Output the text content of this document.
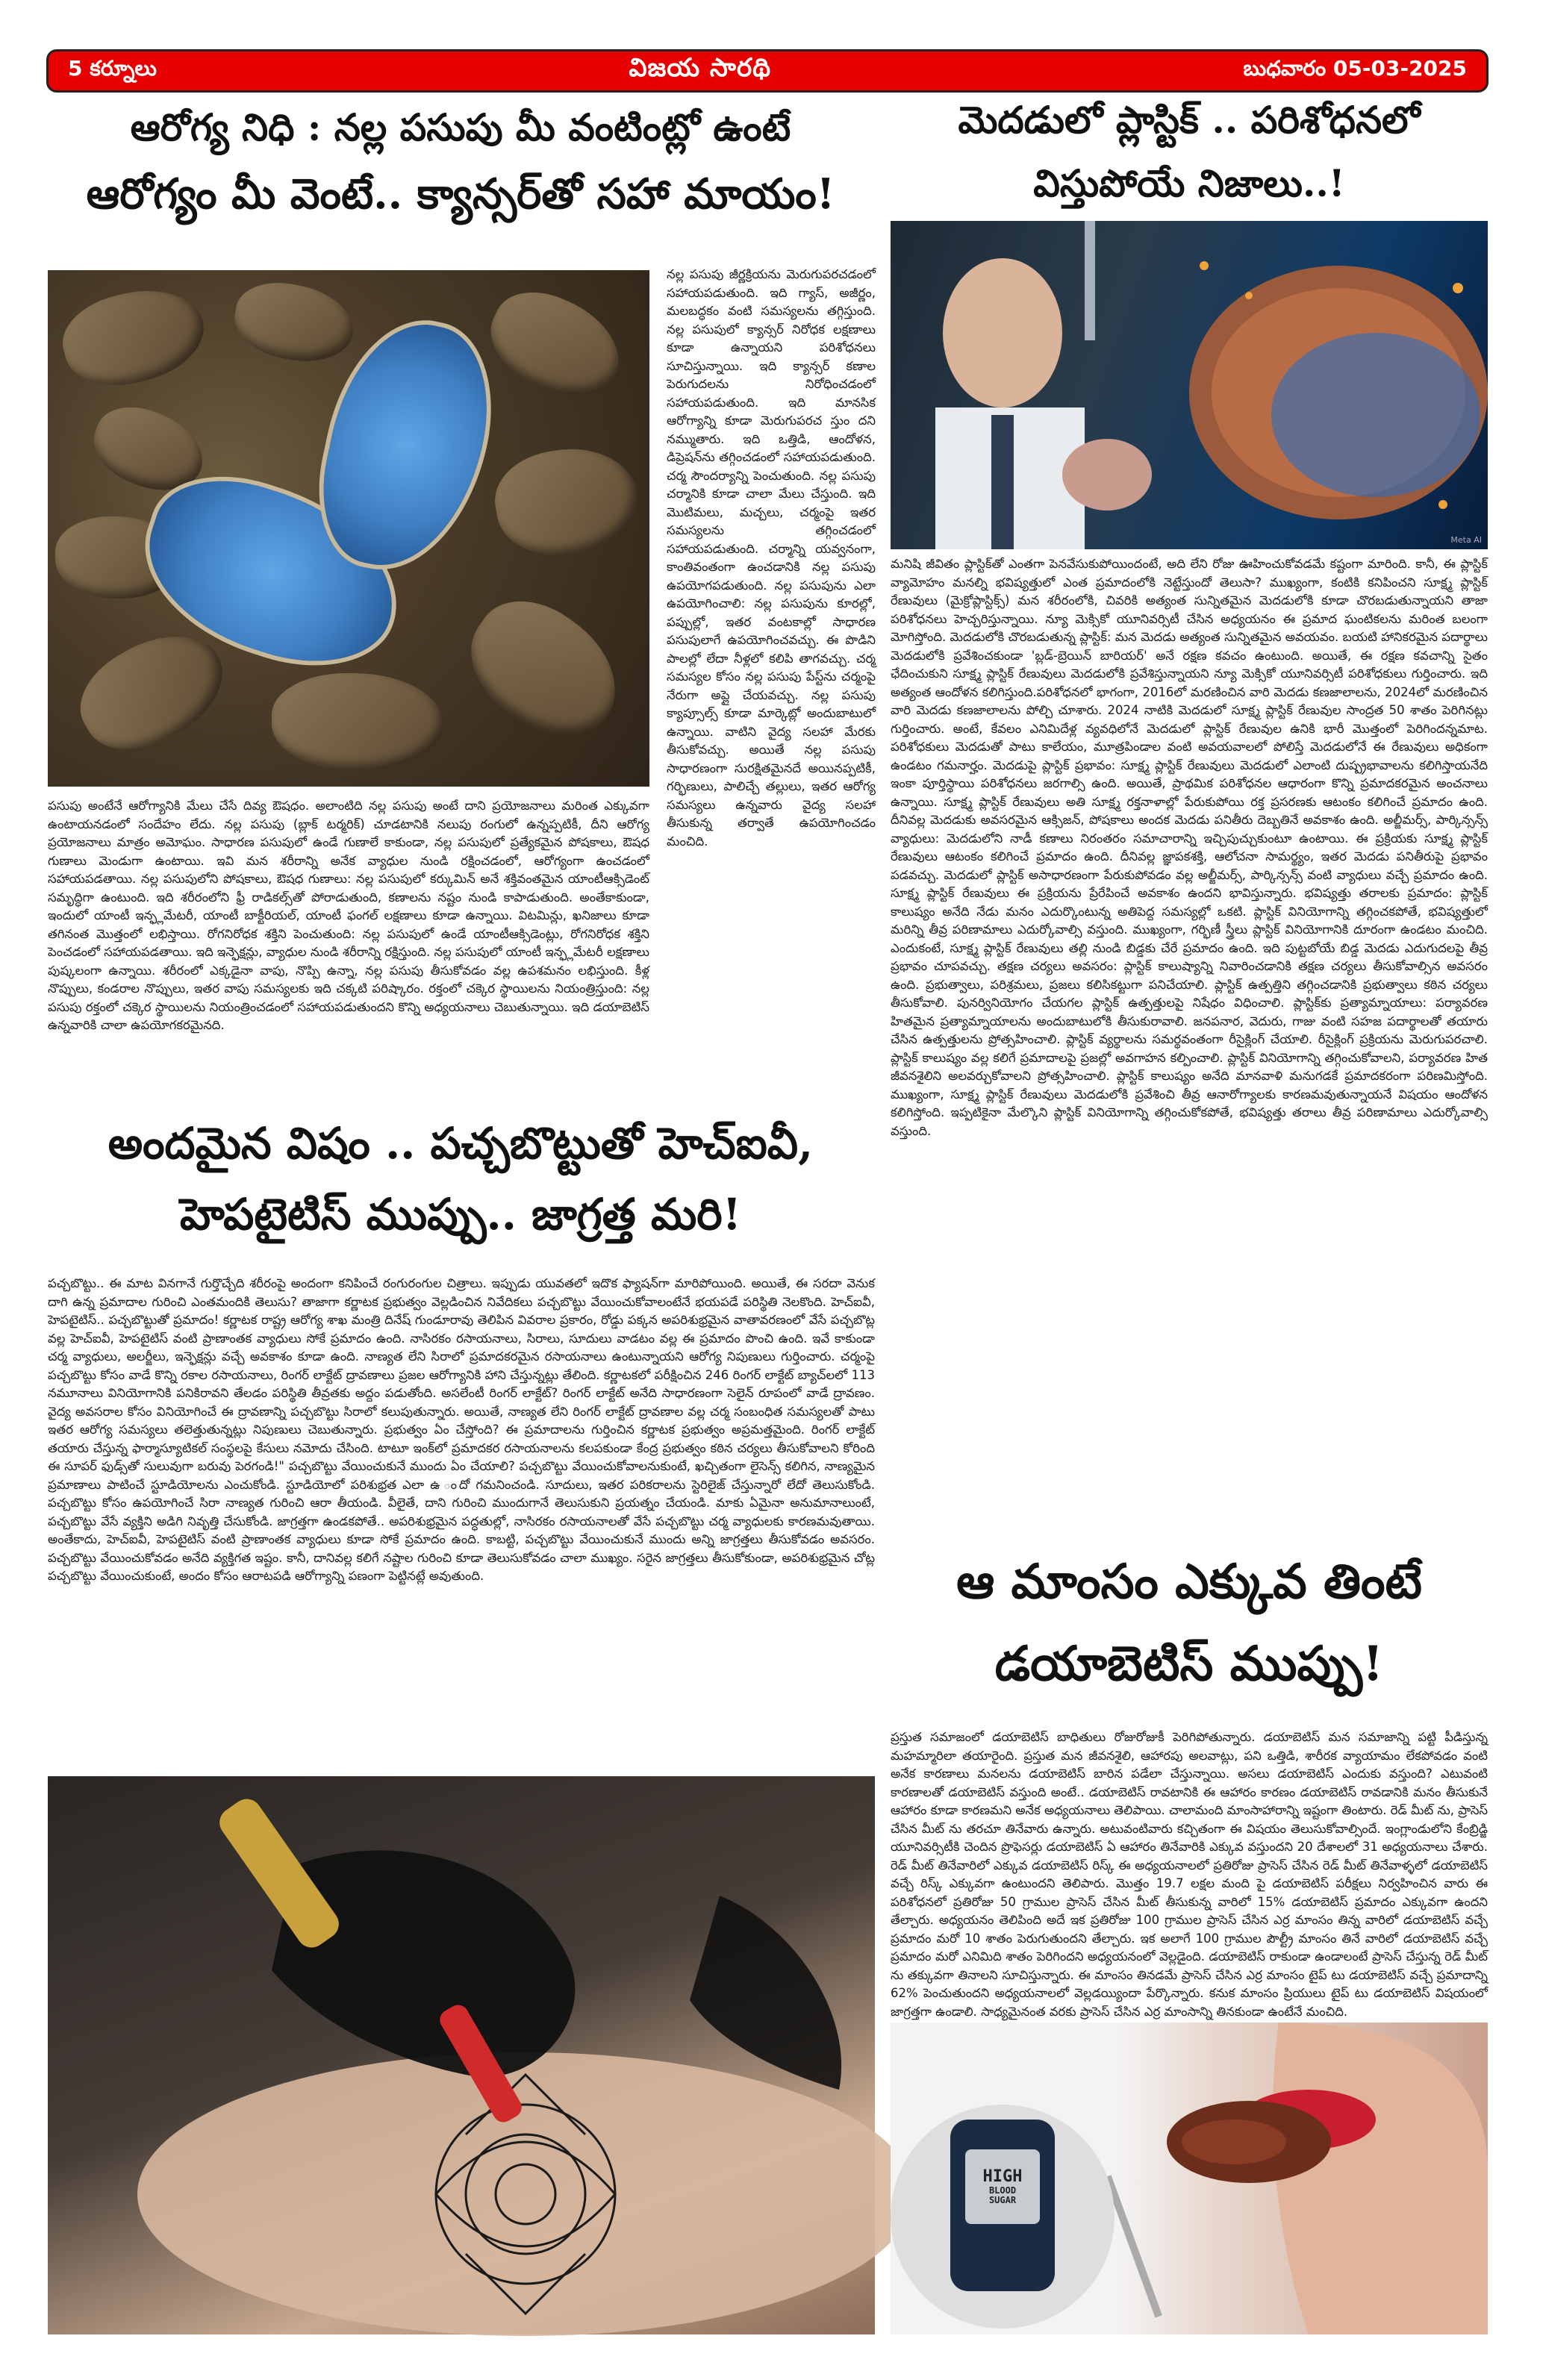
5 కర్నూలు	విజయ సారథి	బుధవారం 05-03-2025
ఆరోగ్య నిధి : నల్ల పసుపు మీ వంటింట్లో ఉంటే
ఆరోగ్యం మీ వెంటే.. క్యాన్సర్‌తో సహా మాయం!

నల్ల పసుపు జీర్ణక్రియను మెరుగుపరచడంలో సహాయపడుతుంది. ఇది గ్యాస్, అజీర్ణం, మలబద్ధకం వంటి సమస్యలను తగ్గిస్తుంది. నల్ల పసుపులో క్యాన్సర్ నిరోధక లక్షణాలు కూడా ఉన్నాయని పరిశోధనలు సూచిస్తున్నాయి. ఇది క్యాన్సర్ కణాల పెరుగుదలను నిరోధించడంలో సహాయపడుతుంది. ఇది మానసిక ఆరోగ్యాన్ని కూడా మెరుగుపరచ స్తుం దని నమ్ముతారు. ఇది ఒత్తిడి, ఆందోళన, డిప్రెషన్‌ను తగ్గించడంలో సహాయపడుతుంది. చర్మ సౌందర్యాన్ని పెంచుతుంది. నల్ల పసుపు చర్మానికి కూడా చాలా మేలు చేస్తుంది. ఇది మొటిమలు, మచ్చలు, చర్మంపై ఇతర సమస్యలను తగ్గించడంలో సహాయపడుతుంది. చర్మాన్ని యవ్వనంగా, కాంతివంతంగా ఉంచడానికి నల్ల పసుపు ఉపయోగపడుతుంది. నల్ల పసుపును ఎలా ఉపయోగించాలి: నల్ల పసుపును కూరల్లో, పప్పుల్లో, ఇతర వంటకాల్లో సాధారణ పసుపులాగే ఉపయోగించవచ్చు. ఈ పొడిని పాలల్లో లేదా నీళ్లలో కలిపి తాగవచ్చు. చర్మ సమస్యల కోసం నల్ల పసుపు పేస్ట్‌ను చర్మంపై నేరుగా అప్లై చేయవచ్చు. నల్ల పసుపు క్యాప్సూల్స్ కూడా మార్కెట్లో అందుబాటులో ఉన్నాయి. వాటిని వైద్య సలహా మేరకు తీసుకోవచ్చు. అయితే నల్ల పసుపు సాధారణంగా సురక్షితమైనదే అయినప్పటికీ, గర్భిణులు, పాలిచ్చే తల్లులు, ఇతర ఆరోగ్య సమస్యలు ఉన్నవారు వైద్య సలహా తీసుకున్న తర్వాతే ఉపయోగించడం మంచిది.

పసుపు అంటేనే ఆరోగ్యానికి మేలు చేసే దివ్య ఔషధం. అలాంటిది నల్ల పసుపు అంటే దాని ప్రయోజనాలు మరింత ఎక్కువగా ఉంటాయనడంలో సందేహం లేదు. నల్ల పసుపు (బ్లాక్ టర్మరిక్) చూడటానికి నలుపు రంగులో ఉన్నప్పటికీ, దీని ఆరోగ్య ప్రయోజనాలు మాత్రం అమోఘం. సాధారణ పసుపులో ఉండే గుణాలే కాకుండా, నల్ల పసుపులో ప్రత్యేకమైన పోషకాలు, ఔషధ గుణాలు మెండుగా ఉంటాయి. ఇవి మన శరీరాన్ని అనేక వ్యాధుల నుండి రక్షించడంలో, ఆరోగ్యంగా ఉంచడంలో సహాయపడతాయి. నల్ల పసుపులోని పోషకాలు, ఔషధ గుణాలు: నల్ల పసుపులో కర్కుమిన్ అనే శక్తివంతమైన యాంటీఆక్సిడెంట్ సమృద్ధిగా ఉంటుంది. ఇది శరీరంలోని ఫ్రీ రాడికల్స్‌తో పోరాడుతుంది, కణాలను నష్టం నుండి కాపాడుతుంది. అంతేకాకుండా, ఇందులో యాంటీ ఇన్ఫ్లమేటరీ, యాంటీ బాక్టీరియల్, యాంటీ ఫంగల్ లక్షణాలు కూడా ఉన్నాయి. విటమిన్లు, ఖనిజాలు కూడా తగినంత మొత్తంలో లభిస్తాయి. రోగనిరోధక శక్తిని పెంచుతుంది: నల్ల పసుపులో ఉండే యాంటీఆక్సిడెంట్లు, రోగనిరోధక శక్తిని పెంచడంలో సహాయపడతాయి. ఇది ఇన్ఫెక్షన్లు, వ్యాధుల నుండి శరీరాన్ని రక్షిస్తుంది. నల్ల పసుపులో యాంటీ ఇన్ఫ్లమేటరీ లక్షణాలు పుష్కలంగా ఉన్నాయి. శరీరంలో ఎక్కడైనా వాపు, నొప్పి ఉన్నా, నల్ల పసుపు తీసుకోవడం వల్ల ఉపశమనం లభిస్తుంది. కీళ్ల నొప్పులు, కండరాల నొప్పులు, ఇతర వాపు సమస్యలకు ఇది చక్కటి పరిష్కారం. రక్తంలో చక్కెర స్థాయిలను నియంత్రిస్తుంది: నల్ల పసుపు రక్తంలో చక్కెర స్థాయిలను నియంత్రించడంలో సహాయపడుతుందని కొన్ని అధ్యయనాలు చెబుతున్నాయి. ఇది డయాబెటిస్ ఉన్నవారికి చాలా ఉపయోగకరమైనది.

అందమైన విషం .. పచ్చబొట్టుతో హెచ్ఐవీ,
హెపటైటిస్ ముప్పు.. జాగ్రత్త మరి!

పచ్చబొట్టు.. ఈ మాట వినగానే గుర్తొచ్చేది శరీరంపై అందంగా కనిపించే రంగురంగుల చిత్రాలు. ఇప్పుడు యువతలో ఇదొక ఫ్యాషన్‌గా మారిపోయింది. అయితే, ఈ సరదా వెనుక దాగి ఉన్న ప్రమాదాల గురించి ఎంతమందికి తెలుసు? తాజాగా కర్ణాటక ప్రభుత్వం వెల్లడించిన నివేదికలు పచ్చబొట్టు వేయించుకోవాలంటేనే భయపడే పరిస్థితి నెలకొంది. హెచ్ఐవీ, హెపటైటిస్.. పచ్చబొట్టుతో ప్రమాదం! కర్ణాటక రాష్ట్ర ఆరోగ్య శాఖ మంత్రి దినేష్ గుండూరావు తెలిపిన వివరాల ప్రకారం, రోడ్డు పక్కన అపరిశుభ్రమైన వాతావరణంలో వేసే పచ్చబొట్ల వల్ల హెచ్ఐవీ, హెపటైటిస్ వంటి ప్రాణాంతక వ్యాధులు సోకే ప్రమాదం ఉంది. నాసిరకం రసాయనాలు, సిరాలు, సూదులు వాడటం వల్ల ఈ ప్రమాదం పొంచి ఉంది. ఇవే కాకుండా చర్మ వ్యాధులు, అలర్జీలు, ఇన్ఫెక్షన్లు వచ్చే అవకాశం కూడా ఉంది. నాణ్యత లేని సిరాలో ప్రమాదకరమైన రసాయనాలు ఉంటున్నాయని ఆరోగ్య నిపుణులు గుర్తించారు. చర్మంపై పచ్చబొట్టు కోసం వాడే కొన్ని రకాల రసాయనాలు, రింగర్ లాక్టేట్ ద్రావణాలు ప్రజల ఆరోగ్యానికి హాని చేస్తున్నట్లు తేలింది. కర్ణాటకలో పరీక్షించిన 246 రింగర్ లాక్టేట్ బ్యాచ్‌లలో 113 నమూనాలు వినియోగానికి పనికిరావని తేలడం పరిస్థితి తీవ్రతకు అద్దం పడుతోంది. అసలేంటీ రింగర్ లాక్టేట్? రింగర్ లాక్టేట్ అనేది సాధారణంగా సెలైన్ రూపంలో వాడే ద్రావణం. వైద్య అవసరాల కోసం వినియోగించే ఈ ద్రావణాన్ని పచ్చబొట్టు సిరాలో కలుపుతున్నారు. అయితే, నాణ్యత లేని రింగర్ లాక్టేట్ ద్రావణాల వల్ల చర్మ సంబంధిత సమస్యలతో పాటు ఇతర ఆరోగ్య సమస్యలు తలెత్తుతున్నట్లు నిపుణులు చెబుతున్నారు. ప్రభుత్వం ఏం చేస్తోంది? ఈ ప్రమాదాలను గుర్తించిన కర్ణాటక ప్రభుత్వం అప్రమత్తమైంది. రింగర్ లాక్టేట్ తయారు చేస్తున్న ఫార్మాస్యూటికల్ సంస్థలపై కేసులు నమోదు చేసింది. టాటూ ఇంక్‌లో ప్రమాదకర రసాయనాలను కలపకుండా కేంద్ర ప్రభుత్వం కఠిన చర్యలు తీసుకోవాలని కోరింది ఈ సూపర్ ఫుడ్స్‌తో సులువుగా బరువు పెరగండి!" పచ్చబొట్టు వేయించుకునే ముందు ఏం చేయాలి? పచ్చబొట్టు వేయించుకోవాలనుకుంటే, ఖచ్చితంగా లైసెన్స్ కలిగిన, నాణ్యమైన ప్రమాణాలు పాటించే స్టూడియోలను ఎంచుకోండి. స్టూడియోలో పరిశుభ్రత ఎలా ఉ ందో గమనించండి. సూదులు, ఇతర పరికరాలను స్టెరిలైజ్ చేస్తున్నారో లేదో తెలుసుకోండి. పచ్చబొట్టు కోసం ఉపయోగించే సిరా నాణ్యత గురించి ఆరా తీయండి. వీలైతే, దాని గురించి ముందుగానే తెలుసుకుని ప్రయత్నం చేయండి. మాకు ఏమైనా అనుమానాలుంటే, పచ్చబొట్టు వేసే వ్యక్తిని అడిగి నివృత్తి చేసుకోండి. జాగ్రత్తగా ఉండకపోతే.. అపరిశుభ్రమైన పద్ధతుల్లో, నాసిరకం రసాయనాలతో వేసే పచ్చబొట్టు చర్మ వ్యాధులకు కారణమవుతాయి. అంతేకాదు, హెచ్ఐవీ, హెపటైటిస్ వంటి ప్రాణాంతక వ్యాధులు కూడా సోకే ప్రమాదం ఉంది. కాబట్టి, పచ్చబొట్టు వేయించుకునే ముందు అన్ని జాగ్రత్తలు తీసుకోవడం అవసరం. పచ్చబొట్టు వేయించుకోవడం అనేది వ్యక్తిగత ఇష్టం. కానీ, దానివల్ల కలిగే నష్టాల గురించి కూడా తెలుసుకోవడం చాలా ముఖ్యం. సరైన జాగ్రత్తలు తీసుకోకుండా, అపరిశుభ్రమైన చోట్ల పచ్చబొట్టు వేయించుకుంటే, అందం కోసం ఆరాటపడి ఆరోగ్యాన్ని పణంగా పెట్టినట్లే అవుతుంది.

మెదడులో ప్లాస్టిక్ .. పరిశోధనలో
విస్తుపోయే నిజాలు..!
Meta AI

మనిషి జీవితం ప్లాస్టిక్‌తో ఎంతగా పెనవేసుకుపోయిందంటే, అది లేని రోజు ఊహించుకోవడమే కష్టంగా మారింది. కానీ, ఈ ప్లాస్టిక్ వ్యామోహం మనల్ని భవిష్యత్తులో ఎంత ప్రమాదంలోకి నెట్టేస్తుందో తెలుసా? ముఖ్యంగా, కంటికి కనిపించని సూక్ష్మ ప్లాస్టిక్ రేణువులు (మైక్రోప్లాస్టిక్స్) మన శరీరంలోకి, చివరికి అత్యంత సున్నితమైన మెదడులోకి కూడా చొరబడుతున్నాయని తాజా పరిశోధనలు హెచ్చరిస్తున్నాయి. న్యూ మెక్సికో యూనివర్సిటీ చేసిన అధ్యయనం ఈ ప్రమాద ఘంటికలను మరింత బలంగా మోగిస్తోంది. మెదడులోకి చొరబడుతున్న ప్లాస్టిక్: మన మెదడు అత్యంత సున్నితమైన అవయవం. బయటి హానికరమైన పదార్థాలు మెదడులోకి ప్రవేశించకుండా 'బ్లడ్-బ్రెయిన్ బారియర్' అనే రక్షణ కవచం ఉంటుంది. అయితే, ఈ రక్షణ కవచాన్ని సైతం ఛేదించుకుని సూక్ష్మ ప్లాస్టిక్ రేణువులు మెదడులోకి ప్రవేశిస్తున్నాయని న్యూ మెక్సికో యూనివర్సిటీ పరిశోధకులు గుర్తించారు. ఇది అత్యంత ఆందోళన కలిగిస్తుంది.పరిశోధనలో భాగంగా, 2016లో మరణించిన వారి మెదడు కణజాలాలను, 2024లో మరణించిన వారి మెదడు కణజాలాలను పోల్చి చూశారు. 2024 నాటికి మెదడులో సూక్ష్మ ప్లాస్టిక్ రేణువుల సాంద్రత 50 శాతం పెరిగినట్లు గుర్తించారు. అంటే, కేవలం ఎనిమిదేళ్ల వ్యవధిలోనే మెదడులో ప్లాస్టిక్ రేణువుల ఉనికి భారీ మొత్తంలో పెరిగిందన్నమాట. పరిశోధకులు మెదడుతో పాటు కాలేయం, మూత్రపిండాల వంటి అవయవాలలో పోలిస్తే మెదడులోనే ఈ రేణువులు అధికంగా ఉండటం గమనార్హం. మెదడుపై ప్లాస్టిక్ ప్రభావం: సూక్ష్మ ప్లాస్టిక్ రేణువులు మెదడులో ఎలాంటి దుష్ప్రభావాలను కలిగిస్తాయనేది ఇంకా పూర్తిస్థాయి పరిశోధనలు జరగాల్సి ఉంది. అయితే, ప్రాథమిక పరిశోధనల ఆధారంగా కొన్ని ప్రమాదకరమైన అంచనాలు ఉన్నాయి. సూక్ష్మ ప్లాస్టిక్ రేణువులు అతి సూక్ష్మ రక్తనాళాల్లో పేరుకుపోయి రక్త ప్రసరణకు ఆటంకం కలిగించే ప్రమాదం ఉంది. దీనివల్ల మెదడుకు అవసరమైన ఆక్సిజన్, పోషకాలు అందక మెదడు పనితీరు దెబ్బతినే అవకాశం ఉంది. అల్జీమర్స్, పార్కిన్సన్స్ వ్యాధులు: మెదడులోని నాడీ కణాలు నిరంతరం సమాచారాన్ని ఇచ్చిపుచ్చుకుంటూ ఉంటాయి. ఈ ప్రక్రియకు సూక్ష్మ ప్లాస్టిక్ రేణువులు ఆటంకం కలిగించే ప్రమాదం ఉంది. దీనివల్ల జ్ఞాపకశక్తి, ఆలోచనా సామర్థ్యం, ఇతర మెదడు పనితీరుపై ప్రభావం పడవచ్చు. మెదడులో ప్లాస్టిక్ అసాధారణంగా పేరుకుపోవడం వల్ల అల్జీమర్స్, పార్కిన్సన్స్ వంటి వ్యాధులు వచ్చే ప్రమాదం ఉంది. సూక్ష్మ ప్లాస్టిక్ రేణువులు ఈ ప్రక్రియను ప్రేరేపించే అవకాశం ఉందని భావిస్తున్నారు. భవిష్యత్తు తరాలకు ప్రమాదం: ప్లాస్టిక్ కాలుష్యం అనేది నేడు మనం ఎదుర్కొంటున్న అతిపెద్ద సమస్యల్లో ఒకటి. ప్లాస్టిక్ వినియోగాన్ని తగ్గించకపోతే, భవిష్యత్తులో మరిన్ని తీవ్ర పరిణామాలు ఎదుర్కోవాల్సి వస్తుంది. ముఖ్యంగా, గర్భిణీ స్త్రీలు ప్లాస్టిక్ వినియోగానికి దూరంగా ఉండటం మంచిది. ఎందుకంటే, సూక్ష్మ ప్లాస్టిక్ రేణువులు తల్లి నుండి బిడ్డకు చేరే ప్రమాదం ఉంది. ఇది పుట్టబోయే బిడ్డ మెదడు ఎదుగుదలపై తీవ్ర ప్రభావం చూపవచ్చు. తక్షణ చర్యలు అవసరం: ప్లాస్టిక్ కాలుష్యాన్ని నివారించడానికి తక్షణ చర్యలు తీసుకోవాల్సిన అవసరం ఉంది. ప్రభుత్వాలు, పరిశ్రమలు, ప్రజలు కలిసికట్టుగా పనిచేయాలి. ప్లాస్టిక్ ఉత్పత్తిని తగ్గించడానికి ప్రభుత్వాలు కఠిన చర్యలు తీసుకోవాలి. పునర్వినియోగం చేయగల ప్లాస్టిక్ ఉత్పత్తులపై నిషేధం విధించాలి. ప్లాస్టిక్‌కు ప్రత్యామ్నాయాలు: పర్యావరణ హితమైన ప్రత్యామ్నాయాలను అందుబాటులోకి తీసుకురావాలి. జనపనార, వెదురు, గాజు వంటి సహజ పదార్థాలతో తయారు చేసిన ఉత్పత్తులను ప్రోత్సహించాలి. ప్లాస్టిక్ వ్యర్థాలను సమర్థవంతంగా రీసైక్లింగ్ చేయాలి. రీసైక్లింగ్ ప్రక్రియను మెరుగుపరచాలి. ప్లాస్టిక్ కాలుష్యం వల్ల కలిగే ప్రమాదాలపై ప్రజల్లో అవగాహన కల్పించాలి. ప్లాస్టిక్ వినియోగాన్ని తగ్గించుకోవాలని, పర్యావరణ హిత జీవనశైలిని అలవర్చుకోవాలని ప్రోత్సహించాలి. ప్లాస్టిక్ కాలుష్యం అనేది మానవాళి మనుగడకే ప్రమాదకరంగా పరిణమిస్తోంది. ముఖ్యంగా, సూక్ష్మ ప్లాస్టిక్ రేణువులు మెదడులోకి ప్రవేశించి తీవ్ర ఆనారోగ్యాలకు కారణమవుతున్నాయనే విషయం ఆందోళన కలిగిస్తోంది. ఇప్పటికైనా మేల్కొని ప్లాస్టిక్ వినియోగాన్ని తగ్గించుకోకపోతే, భవిష్యత్తు తరాలు తీవ్ర పరిణామాలు ఎదుర్కోవాల్సి వస్తుంది.

ఆ మాంసం ఎక్కువ తింటే
డయాబెటిస్ ముప్పు!

ప్రస్తుత సమాజంలో డయాబెటిస్ బాధితులు రోజురోజుకీ పెరిగిపోతున్నారు. డయాబెటిస్ మన సమాజాన్ని పట్టి పీడిస్తున్న మహమ్మారిలా తయారైంది. ప్రస్తుత మన జీవనశైలి, ఆహారపు అలవాట్లు, పని ఒత్తిడి, శారీరక వ్యాయామం లేకపోవడం వంటి అనేక కారణాలు మనలను డయాబెటిస్ బారిన పడేలా చేస్తున్నాయి. అసలు డయాబెటిస్ ఎందుకు వస్తుంది? ఎటువంటి కారణాలతో డయాబెటిస్ వస్తుంది అంటే.. డయాబెటిస్ రావటానికి ఈ ఆహారం కారణం డయాబెటిస్ రావడానికి మనం తీసుకునే ఆహారం కూడా కారణమని అనేక అధ్యయనాలు తెలిపాయి. చాలామంది మాంసాహారాన్ని ఇష్టంగా తింటారు. రెడ్ మీట్ ను, ప్రాసెస్ చేసిన మీట్ ను తరచూ తినేవారు ఉన్నారు. అటువంటివారు కచ్చితంగా ఈ విషయం తెలుసుకోవాల్సిందే. ఇంగ్లాండులోని కేంబ్రిడ్జి యూనివర్సిటీకి చెందిన ప్రొఫెసర్లు డయాబెటిస్ ఏ ఆహారం తినేవారికి ఎక్కువ వస్తుందని 20 దేశాలలో 31 అధ్యయనాలు చేశారు. రెడ్ మీట్ తినేవారిలో ఎక్కువ డయాబెటిస్ రిస్క్ ఈ అధ్యయనాలలో ప్రతిరోజు ప్రాసెస్ చేసిన రెడ్ మీట్ తినేవాళ్ళలో డయాబెటిస్ వచ్చే రిస్క్ ఎక్కువగా ఉంటుందని తెలిపారు. మొత్తం 19.7 లక్షల మంది పై డయాబెటిస్ పరీక్షలు నిర్వహించిన వారు ఈ పరిశోధనలో ప్రతిరోజు 50 గ్రాముల ప్రాసెస్ చేసిన మీట్ తీసుకున్న వారిలో 15% డయాబెటిస్ ప్రమాదం ఎక్కువగా ఉందని తేల్చారు. అధ్యయనం తెలిపింది అదే ఇక ప్రతిరోజు 100 గ్రాముల ప్రాసెస్ చేసిన ఎర్ర మాంసం తిన్న వారిలో డయాబెటిస్ వచ్చే ప్రమాదం మరో 10 శాతం పెరుగుతుందని తేల్చారు. ఇక అలాగే 100 గ్రాముల పౌల్ట్రీ మాంసం తినే వారిలో డయాబెటిస్ వచ్చే ప్రమాదం మరో ఎనిమిది శాతం పెరిగిందని అధ్యయనంలో వెల్లడైంది. డయాబెటిస్ రాకుండా ఉండాలంటే ప్రాసెస్ చేస్తున్న రెడ్ మీట్ ను తక్కువగా తినాలని సూచిస్తున్నారు. ఈ మాంసం తినడమే ప్రాసెస్ చేసిన ఎర్ర మాంసం టైప్ టు డయాబెటిస్ వచ్చే ప్రమాదాన్ని 62% పెంచుతుందని అధ్యయనాలలో వెల్లడయ్యిందా పేర్కొన్నారు. కనుక మాంసం ప్రియులు టైప్ టు డయాబెటిస్ విషయంలో జాగ్రత్తగా ఉండాలి. సాధ్యమైనంత వరకు ప్రాసెస్ చేసిన ఎర్ర మాంసాన్ని తినకుండా ఉంటేనే మంచిది.

HIGH
BLOOD
SUGAR
